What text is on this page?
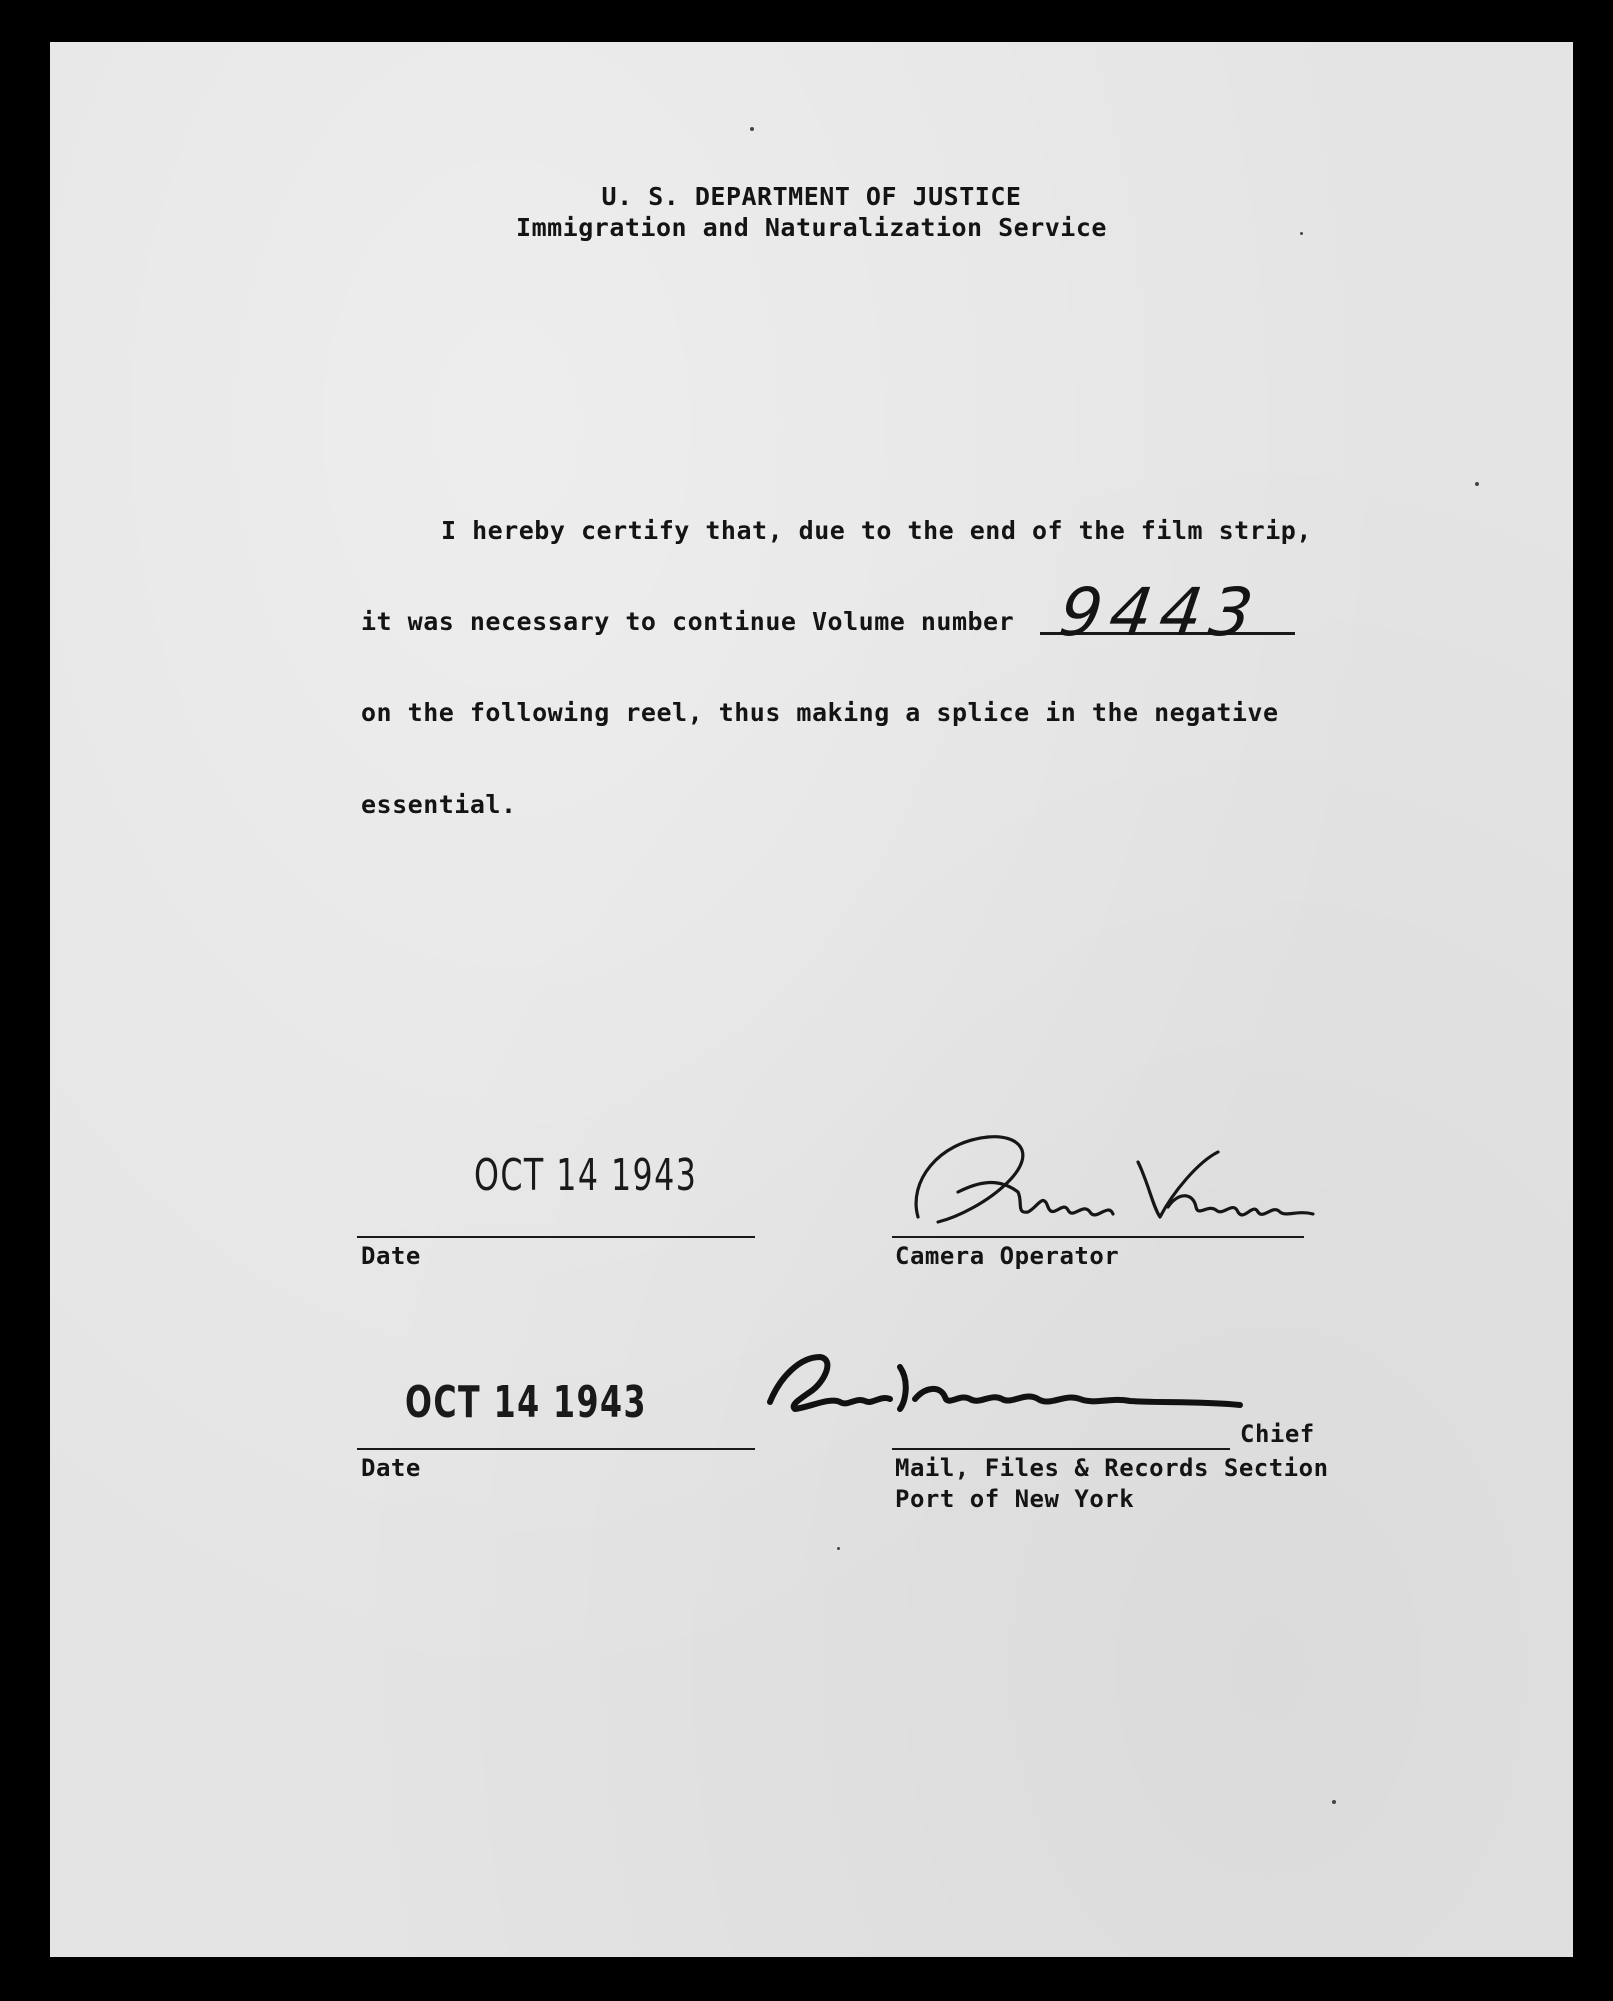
U. S. DEPARTMENT OF JUSTICE
Immigration and Naturalization Service
I hereby certify that, due to the end of the film strip,
it was necessary to continue Volume number 9443
on the following reel, thus making a splice in the negative
essential.
OCT 14 1943
Date	Camera Operator
OCT 14 1943
Date
Chief
Mail, Files & Records Section
Port of New York
